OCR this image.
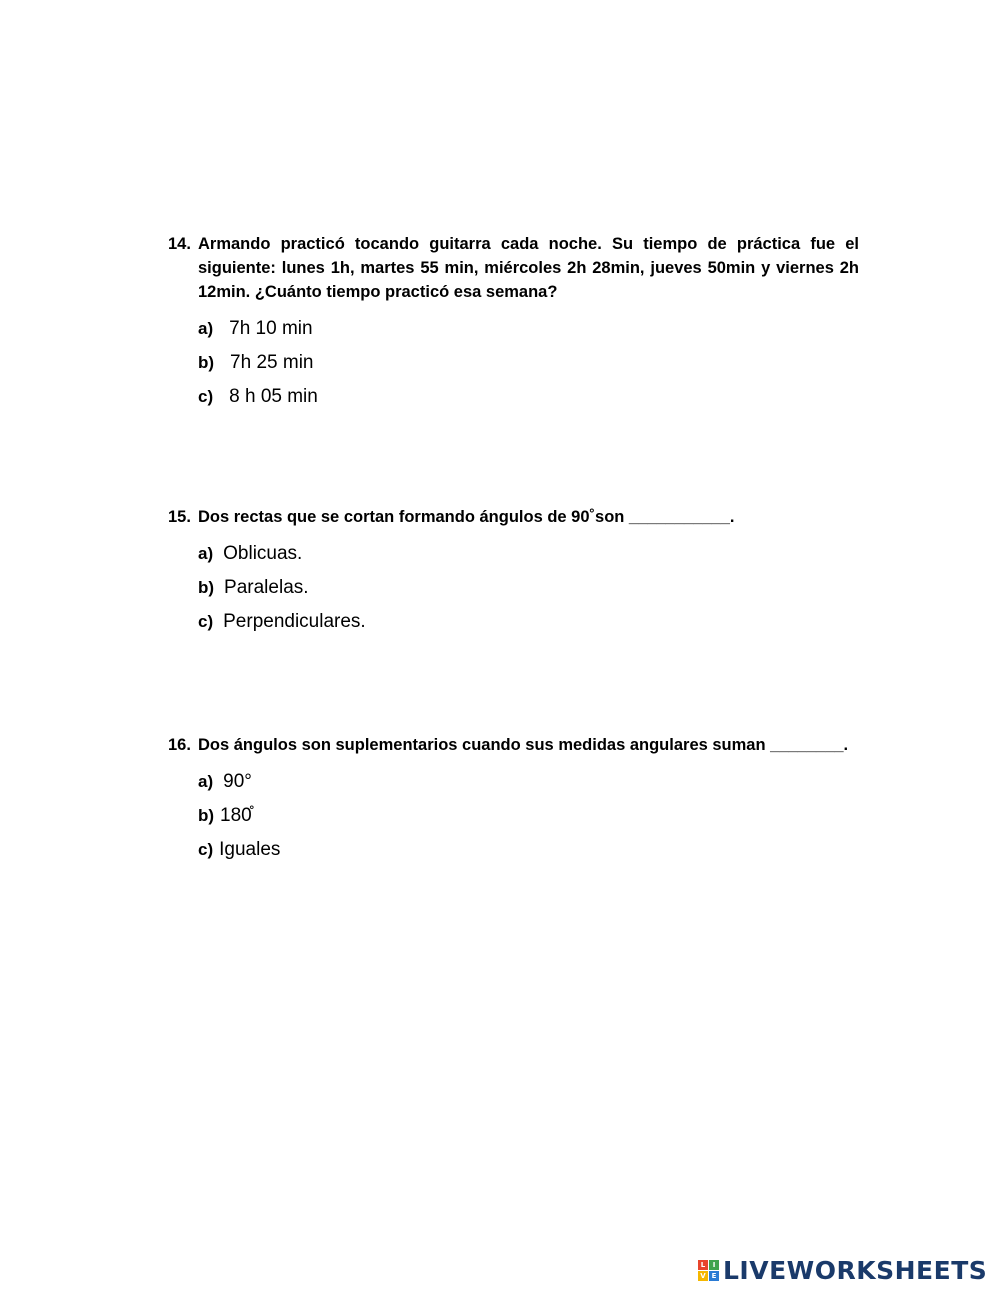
14. Armando practicó tocando guitarra cada noche. Su tiempo de práctica fue el siguiente: lunes 1h, martes 55 min, miércoles 2h 28min, jueves 50min y viernes 2h 12min. ¿Cuánto tiempo practicó esa semana?
a) 7h 10 min
b) 7h 25 min
c) 8 h 05 min
15. Dos rectas que se cortan formando ángulos de 90˚son ___________.
a) Oblicuas.
b) Paralelas.
c) Perpendiculares.
16. Dos ángulos son suplementarios cuando sus medidas angulares suman ________.
a) 90°
b) 180̊
c) Iguales
L	I
V E LIVEWORKSHEETS
